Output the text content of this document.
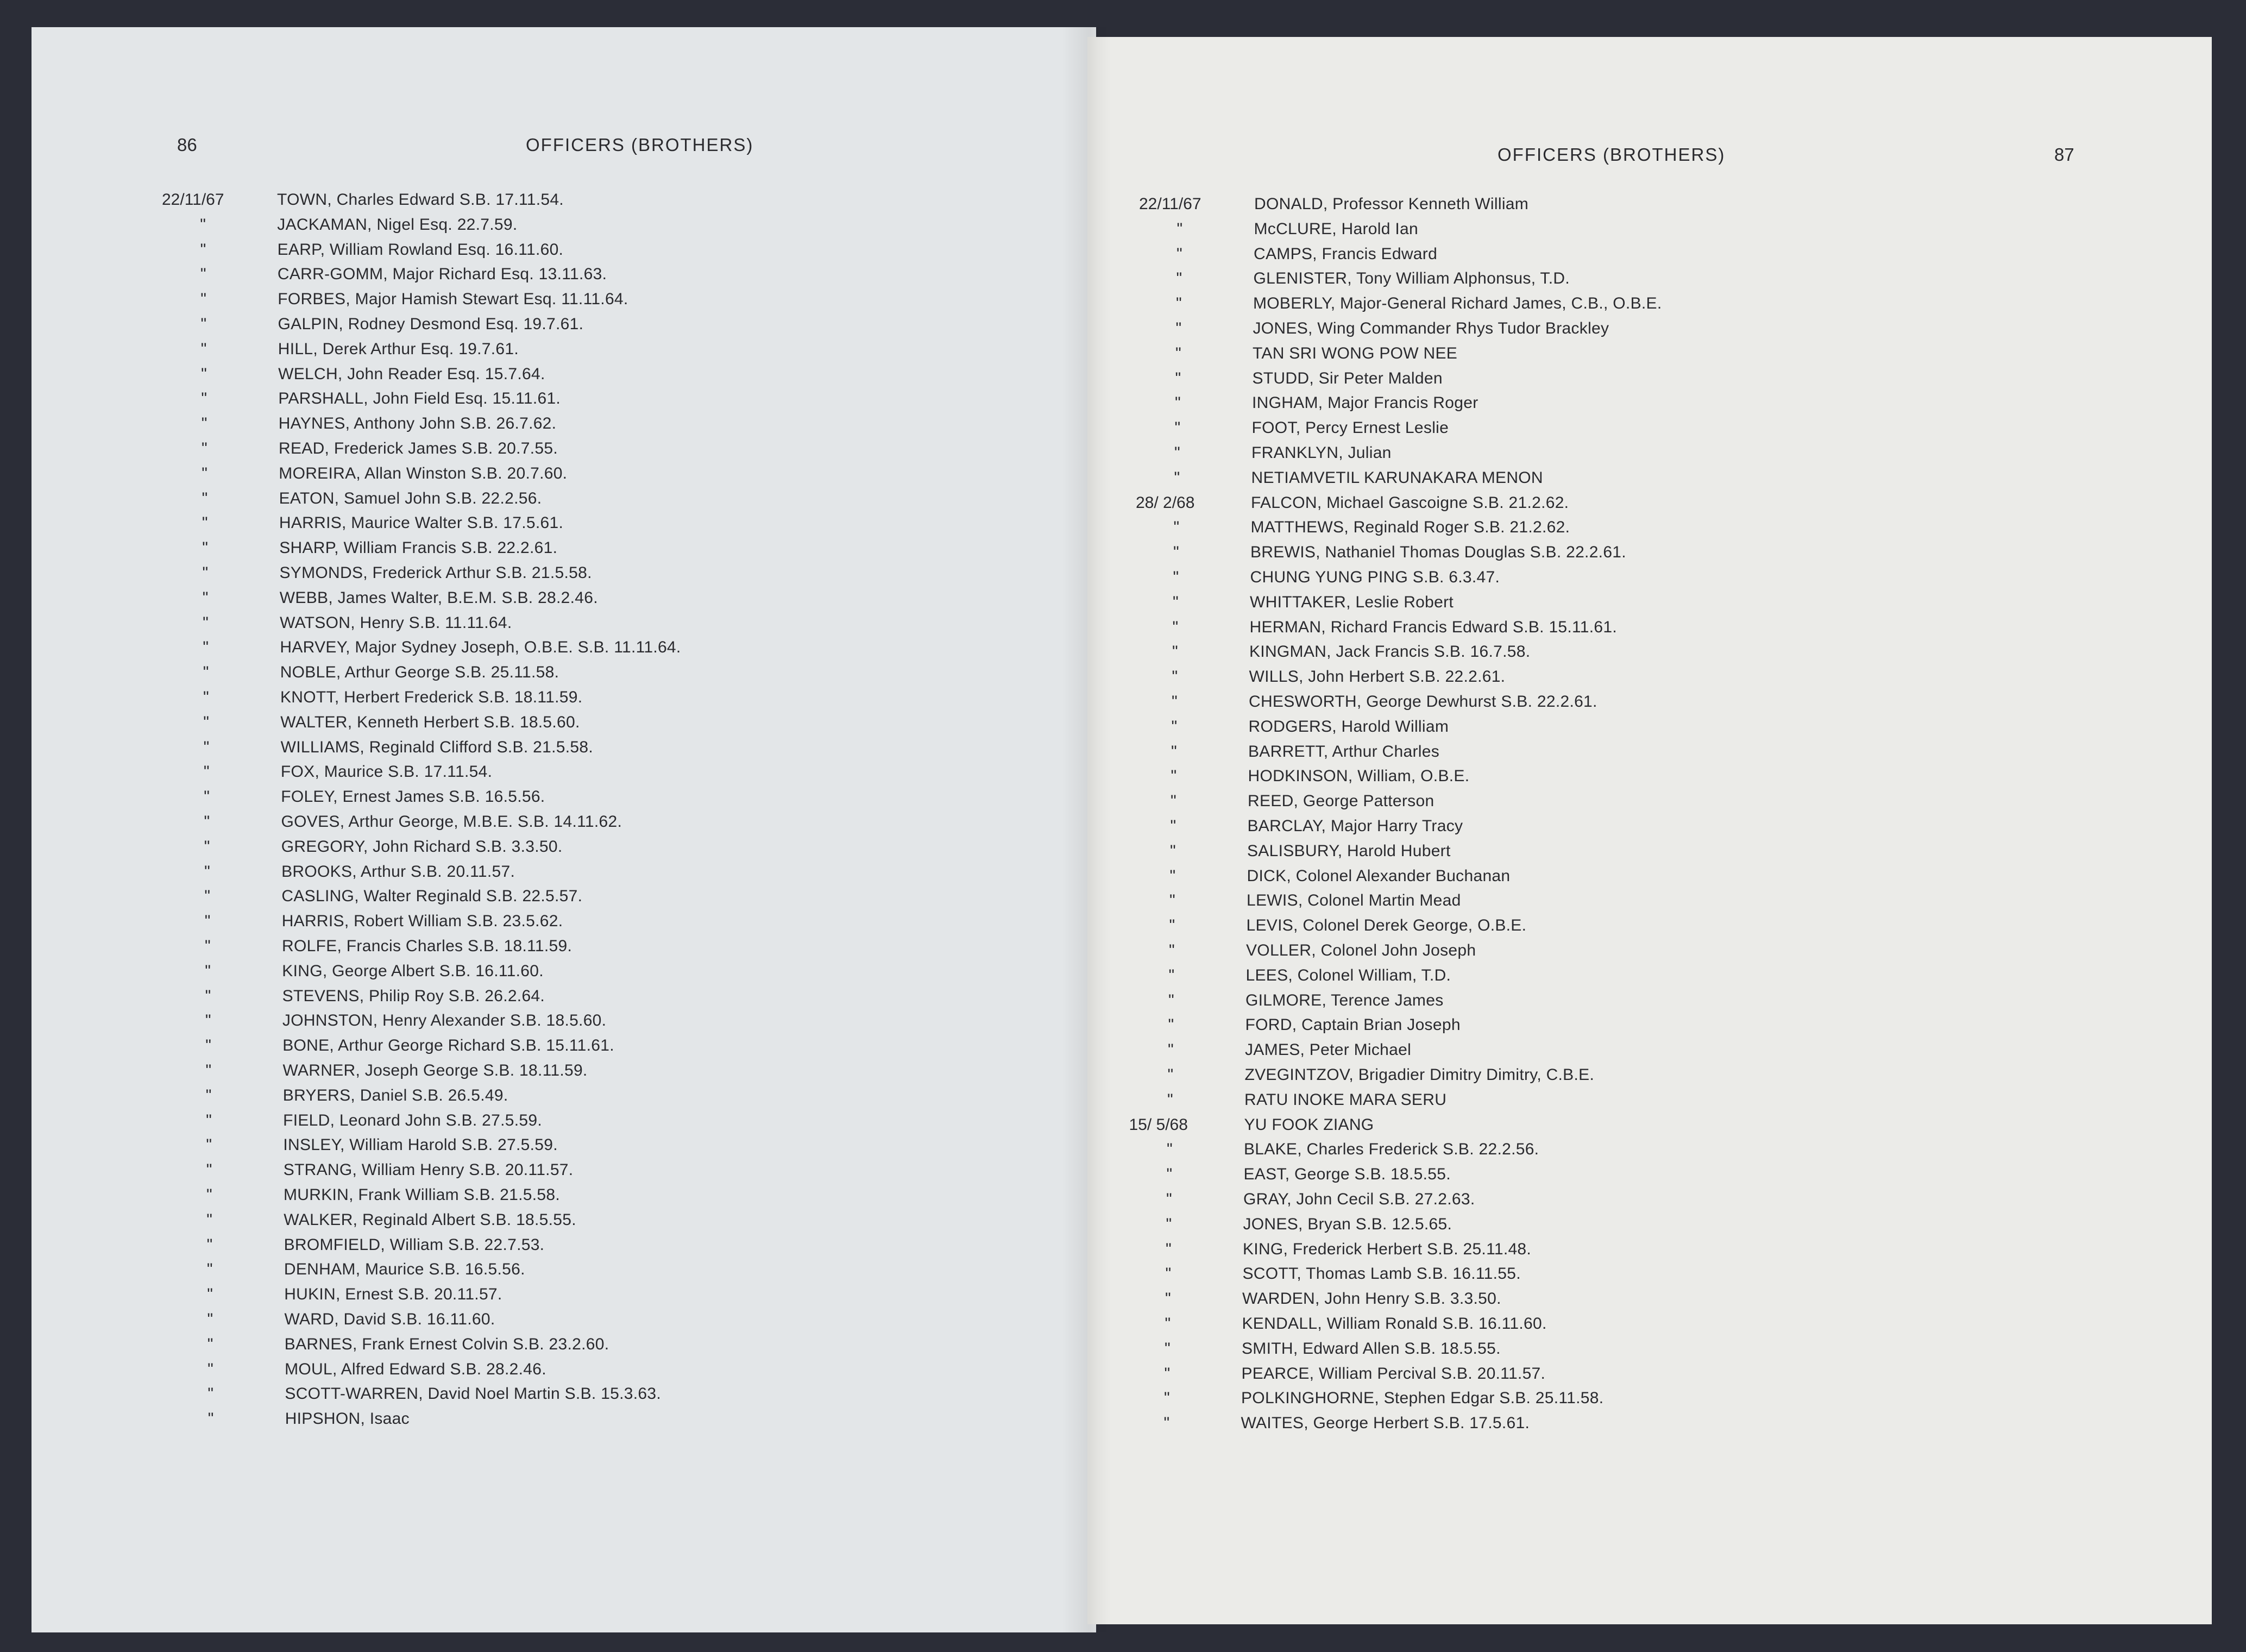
86	OFFICERS (BROTHERS)
22/11/67	TOWN, Charles Edward S.B. 17.11.54.
"	JACKAMAN, Nigel Esq. 22.7.59.
"	EARP, William Rowland Esq. 16.11.60.
"	CARR-GOMM, Major Richard Esq. 13.11.63.
"	FORBES, Major Hamish Stewart Esq. 11.11.64.
"	GALPIN, Rodney Desmond Esq. 19.7.61.
"	HILL, Derek Arthur Esq. 19.7.61.
"	WELCH, John Reader Esq. 15.7.64.
"	PARSHALL, John Field Esq. 15.11.61.
"	HAYNES, Anthony John S.B. 26.7.62.
"	READ, Frederick James S.B. 20.7.55.
"	MOREIRA, Allan Winston S.B. 20.7.60.
"	EATON, Samuel John S.B. 22.2.56.
"	HARRIS, Maurice Walter S.B. 17.5.61.
"	SHARP, William Francis S.B. 22.2.61.
"	SYMONDS, Frederick Arthur S.B. 21.5.58.
"	WEBB, James Walter, B.E.M. S.B. 28.2.46.
"	WATSON, Henry S.B. 11.11.64.
"	HARVEY, Major Sydney Joseph, O.B.E. S.B. 11.11.64.
"	NOBLE, Arthur George S.B. 25.11.58.
"	KNOTT, Herbert Frederick S.B. 18.11.59.
"	WALTER, Kenneth Herbert S.B. 18.5.60.
"	WILLIAMS, Reginald Clifford S.B. 21.5.58.
"	FOX, Maurice S.B. 17.11.54.
"	FOLEY, Ernest James S.B. 16.5.56.
"	GOVES, Arthur George, M.B.E. S.B. 14.11.62.
"	GREGORY, John Richard S.B. 3.3.50.
"	BROOKS, Arthur S.B. 20.11.57.
"	CASLING, Walter Reginald S.B. 22.5.57.
"	HARRIS, Robert William S.B. 23.5.62.
"	ROLFE, Francis Charles S.B. 18.11.59.
"	KING, George Albert S.B. 16.11.60.
"	STEVENS, Philip Roy S.B. 26.2.64.
"	JOHNSTON, Henry Alexander S.B. 18.5.60.
"	BONE, Arthur George Richard S.B. 15.11.61.
"	WARNER, Joseph George S.B. 18.11.59.
"	BRYERS, Daniel S.B. 26.5.49.
"	FIELD, Leonard John S.B. 27.5.59.
"	INSLEY, William Harold S.B. 27.5.59.
"	STRANG, William Henry S.B. 20.11.57.
"	MURKIN, Frank William S.B. 21.5.58.
"	WALKER, Reginald Albert S.B. 18.5.55.
"	BROMFIELD, William S.B. 22.7.53.
"	DENHAM, Maurice S.B. 16.5.56.
"	HUKIN, Ernest S.B. 20.11.57.
"	WARD, David S.B. 16.11.60.
"	BARNES, Frank Ernest Colvin S.B. 23.2.60.
"	MOUL, Alfred Edward S.B. 28.2.46.
"	SCOTT-WARREN, David Noel Martin S.B. 15.3.63.
"	HIPSHON, Isaac
OFFICERS (BROTHERS)	87
22/11/67	DONALD, Professor Kenneth William
"	McCLURE, Harold Ian
"	CAMPS, Francis Edward
"	GLENISTER, Tony William Alphonsus, T.D.
"	MOBERLY, Major-General Richard James, C.B., O.B.E.
"	JONES, Wing Commander Rhys Tudor Brackley
"	TAN SRI WONG POW NEE
"	STUDD, Sir Peter Malden
"	INGHAM, Major Francis Roger
"	FOOT, Percy Ernest Leslie
"	FRANKLYN, Julian
"	NETIAMVETIL KARUNAKARA MENON
28/ 2/68	FALCON, Michael Gascoigne S.B. 21.2.62.
"	MATTHEWS, Reginald Roger S.B. 21.2.62.
"	BREWIS, Nathaniel Thomas Douglas S.B. 22.2.61.
"	CHUNG YUNG PING S.B. 6.3.47.
"	WHITTAKER, Leslie Robert
"	HERMAN, Richard Francis Edward S.B. 15.11.61.
"	KINGMAN, Jack Francis S.B. 16.7.58.
"	WILLS, John Herbert S.B. 22.2.61.
"	CHESWORTH, George Dewhurst S.B. 22.2.61.
"	RODGERS, Harold William
"	BARRETT, Arthur Charles
"	HODKINSON, William, O.B.E.
"	REED, George Patterson
"	BARCLAY, Major Harry Tracy
"	SALISBURY, Harold Hubert
"	DICK, Colonel Alexander Buchanan
"	LEWIS, Colonel Martin Mead
"	LEVIS, Colonel Derek George, O.B.E.
"	VOLLER, Colonel John Joseph
"	LEES, Colonel William, T.D.
"	GILMORE, Terence James
"	FORD, Captain Brian Joseph
"	JAMES, Peter Michael
"	ZVEGINTZOV, Brigadier Dimitry Dimitry, C.B.E.
"	RATU INOKE MARA SERU
15/ 5/68	YU FOOK ZIANG
"	BLAKE, Charles Frederick S.B. 22.2.56.
"	EAST, George S.B. 18.5.55.
"	GRAY, John Cecil S.B. 27.2.63.
"	JONES, Bryan S.B. 12.5.65.
"	KING, Frederick Herbert S.B. 25.11.48.
"	SCOTT, Thomas Lamb S.B. 16.11.55.
"	WARDEN, John Henry S.B. 3.3.50.
"	KENDALL, William Ronald S.B. 16.11.60.
"	SMITH, Edward Allen S.B. 18.5.55.
"	PEARCE, William Percival S.B. 20.11.57.
"	POLKINGHORNE, Stephen Edgar S.B. 25.11.58.
"	WAITES, George Herbert S.B. 17.5.61.
